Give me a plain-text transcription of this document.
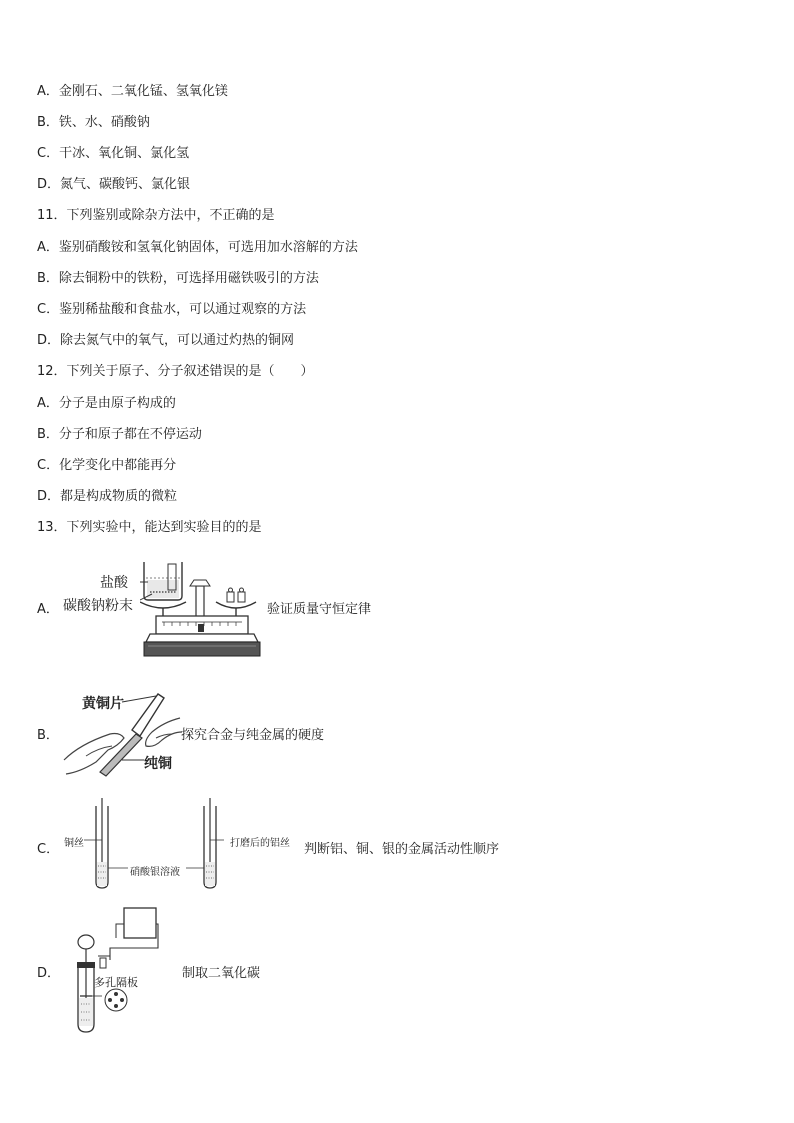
A．金刚石、二氧化锰、氢氧化镁
B．铁、水、硝酸钠
C．干冰、氧化铜、氯化氢
D．氮气、碳酸钙、氯化银
11．下列鉴别或除杂方法中，不正确的是
A．鉴别硝酸铵和氢氧化钠固体，可选用加水溶解的方法
B．除去铜粉中的铁粉，可选择用磁铁吸引的方法
C．鉴别稀盐酸和食盐水，可以通过观察的方法
D．除去氮气中的氧气，可以通过灼热的铜网
12．下列关于原子、分子叙述错误的是（　　）
A．分子是由原子构成的
B．分子和原子都在不停运动
C．化学变化中都能再分
D．都是构成物质的微粒
13．下列实验中，能达到实验目的的是
A．
盐酸
碳酸钠粉末	验证质量守恒定律
B．
黄铜片
纯铜
探究合金与纯金属的硬度
C． 铜丝
硝酸银溶液
打磨后的铝丝 判断铝、铜、银的金属活动性顺序
D．
多孔隔板
制取二氧化碳
